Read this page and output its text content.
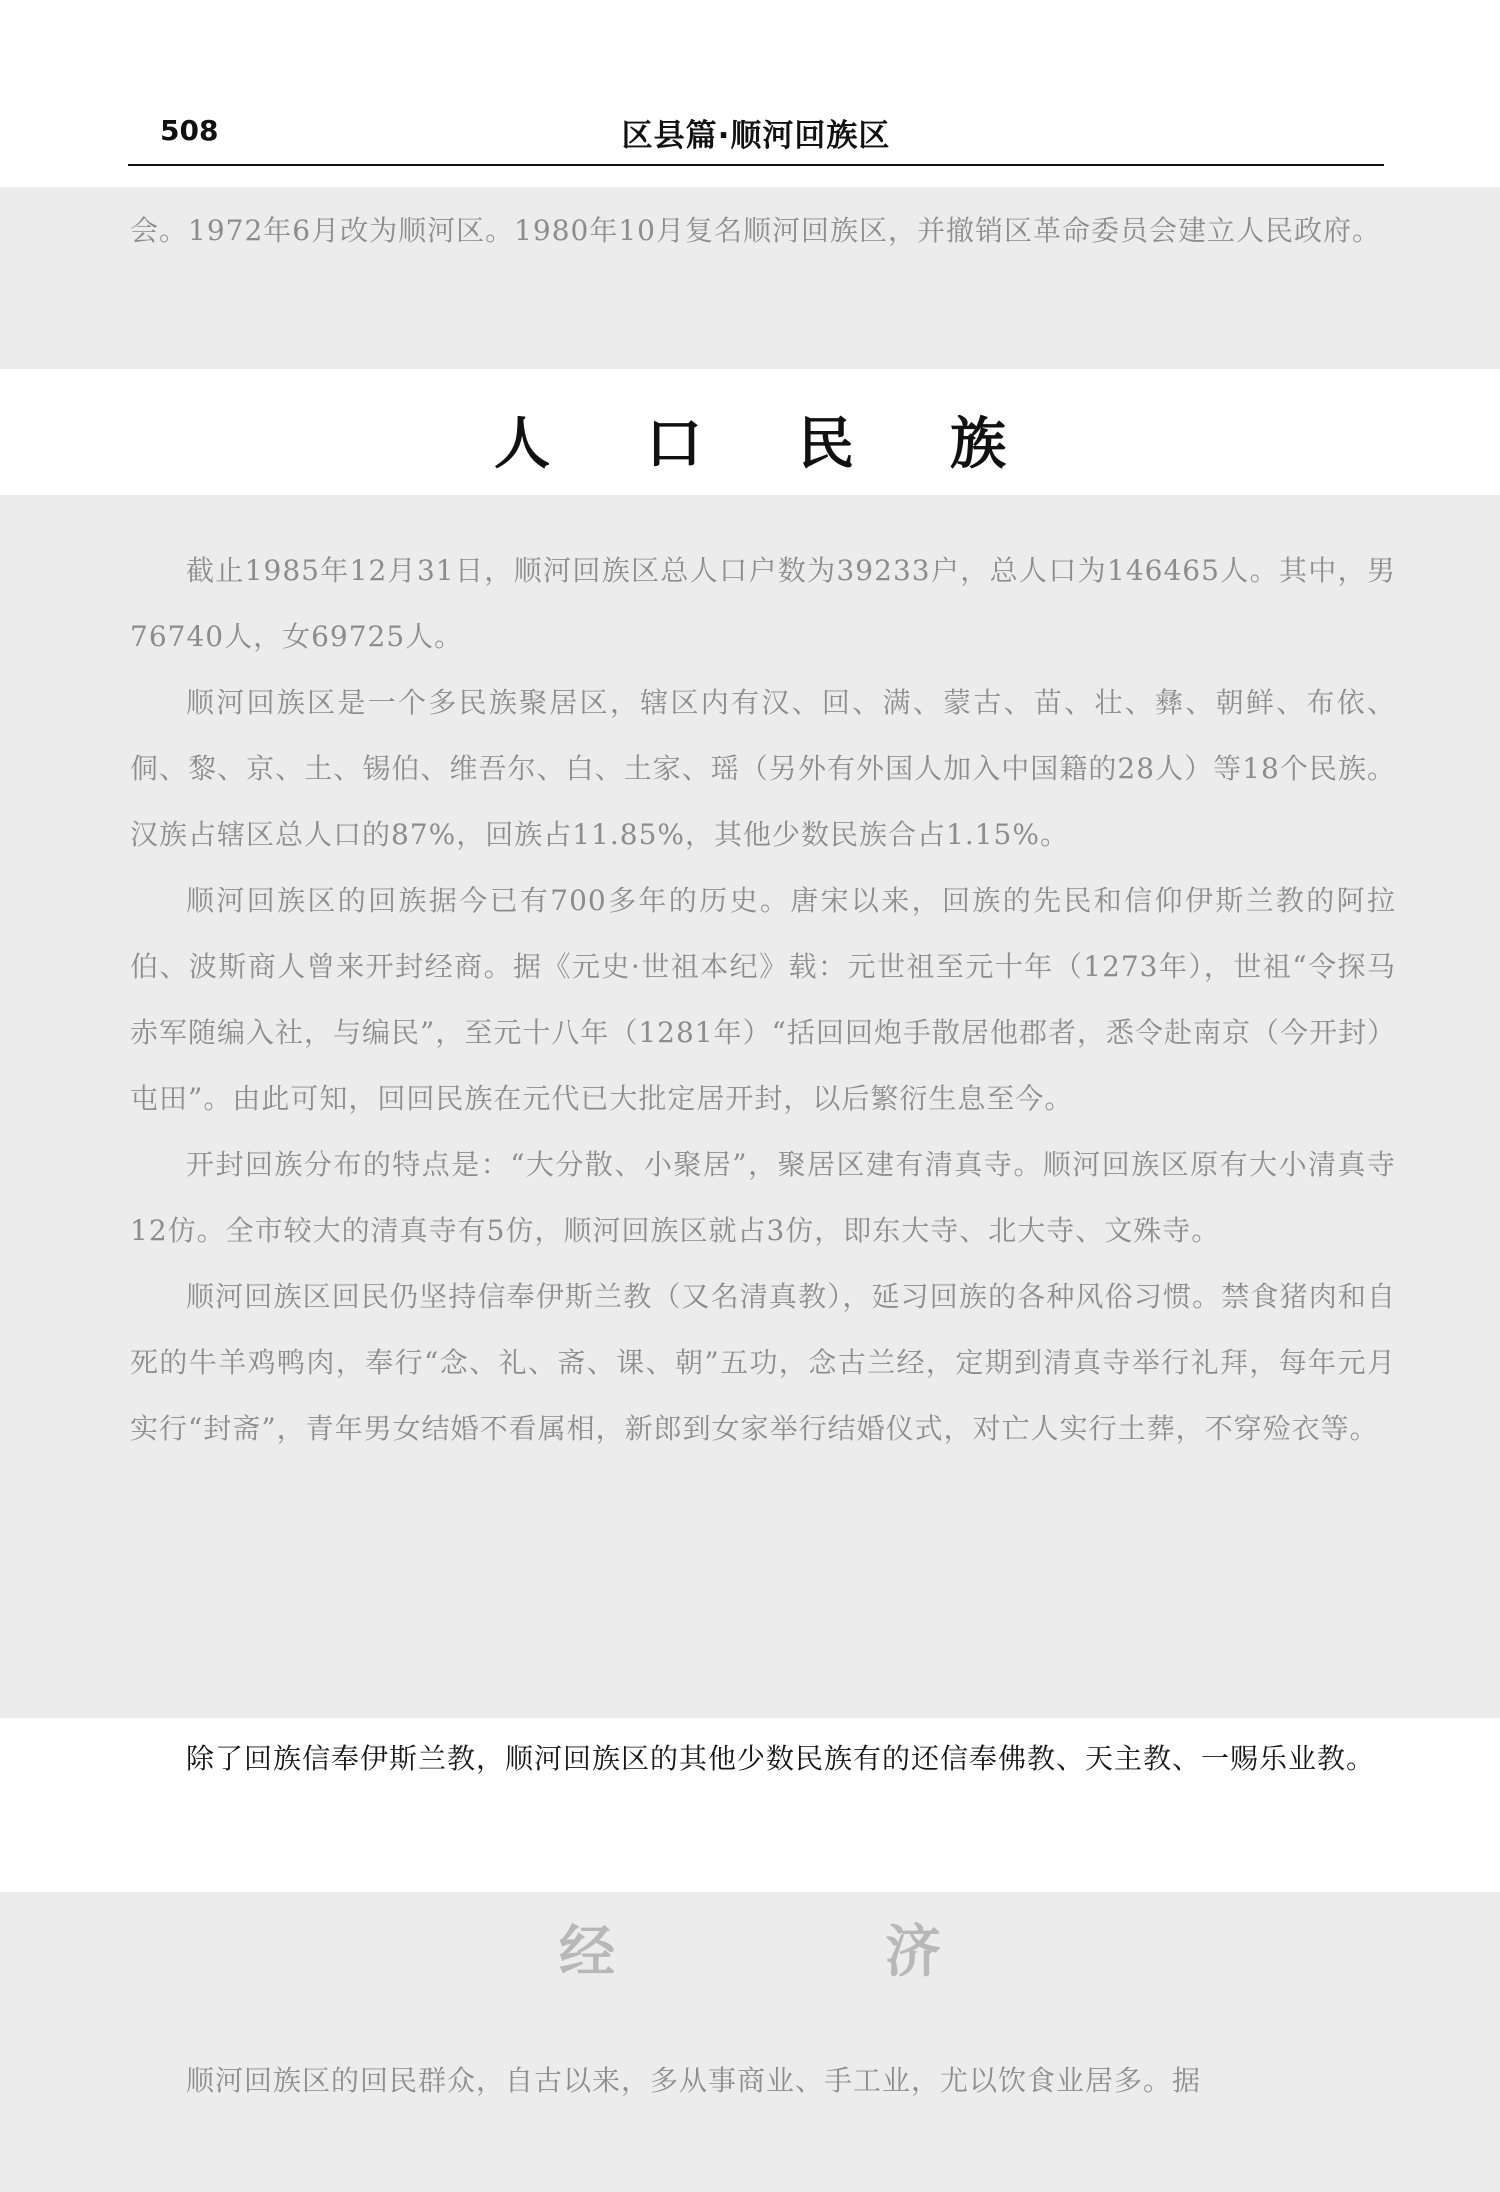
508	区县篇·顺河回族区

会。1972年6月改为顺河区。1980年10月复名顺河回族区，并撤销区革命委员会建立人民政府。

人口民族

截止1985年12月31日，顺河回族区总人口户数为39233户，总人口为146465人。其中，男76740人，女69725人。

顺河回族区是一个多民族聚居区，辖区内有汉、回、满、蒙古、苗、壮、彝、朝鲜、布依、侗、黎、京、土、锡伯、维吾尔、白、土家、瑶（另外有外国人加入中国籍的28人）等18个民族。汉族占辖区总人口的87%，回族占11.85%，其他少数民族合占1.15%。

顺河回族区的回族据今已有700多年的历史。唐宋以来，回族的先民和信仰伊斯兰教的阿拉伯、波斯商人曾来开封经商。据《元史·世祖本纪》载：元世祖至元十年（1273年），世祖“令探马赤军随编入社，与编民”，至元十八年（1281年）“括回回炮手散居他郡者，悉令赴南京（今开封）屯田”。由此可知，回回民族在元代已大批定居开封，以后繁衍生息至今。

开封回族分布的特点是：“大分散、小聚居”，聚居区建有清真寺。顺河回族区原有大小清真寺12仿。全市较大的清真寺有5仿，顺河回族区就占3仿，即东大寺、北大寺、文殊寺。

顺河回族区回民仍坚持信奉伊斯兰教（又名清真教），延习回族的各种风俗习惯。禁食猪肉和自死的牛羊鸡鸭肉，奉行“念、礼、斋、课、朝”五功，念古兰经，定期到清真寺举行礼拜，每年元月实行“封斋”，青年男女结婚不看属相，新郎到女家举行结婚仪式，对亡人实行土葬，不穿殓衣等。

除了回族信奉伊斯兰教，顺河回族区的其他少数民族有的还信奉佛教、天主教、一赐乐业教。

经济

顺河回族区的回民群众，自古以来，多从事商业、手工业，尤以饮食业居多。据
